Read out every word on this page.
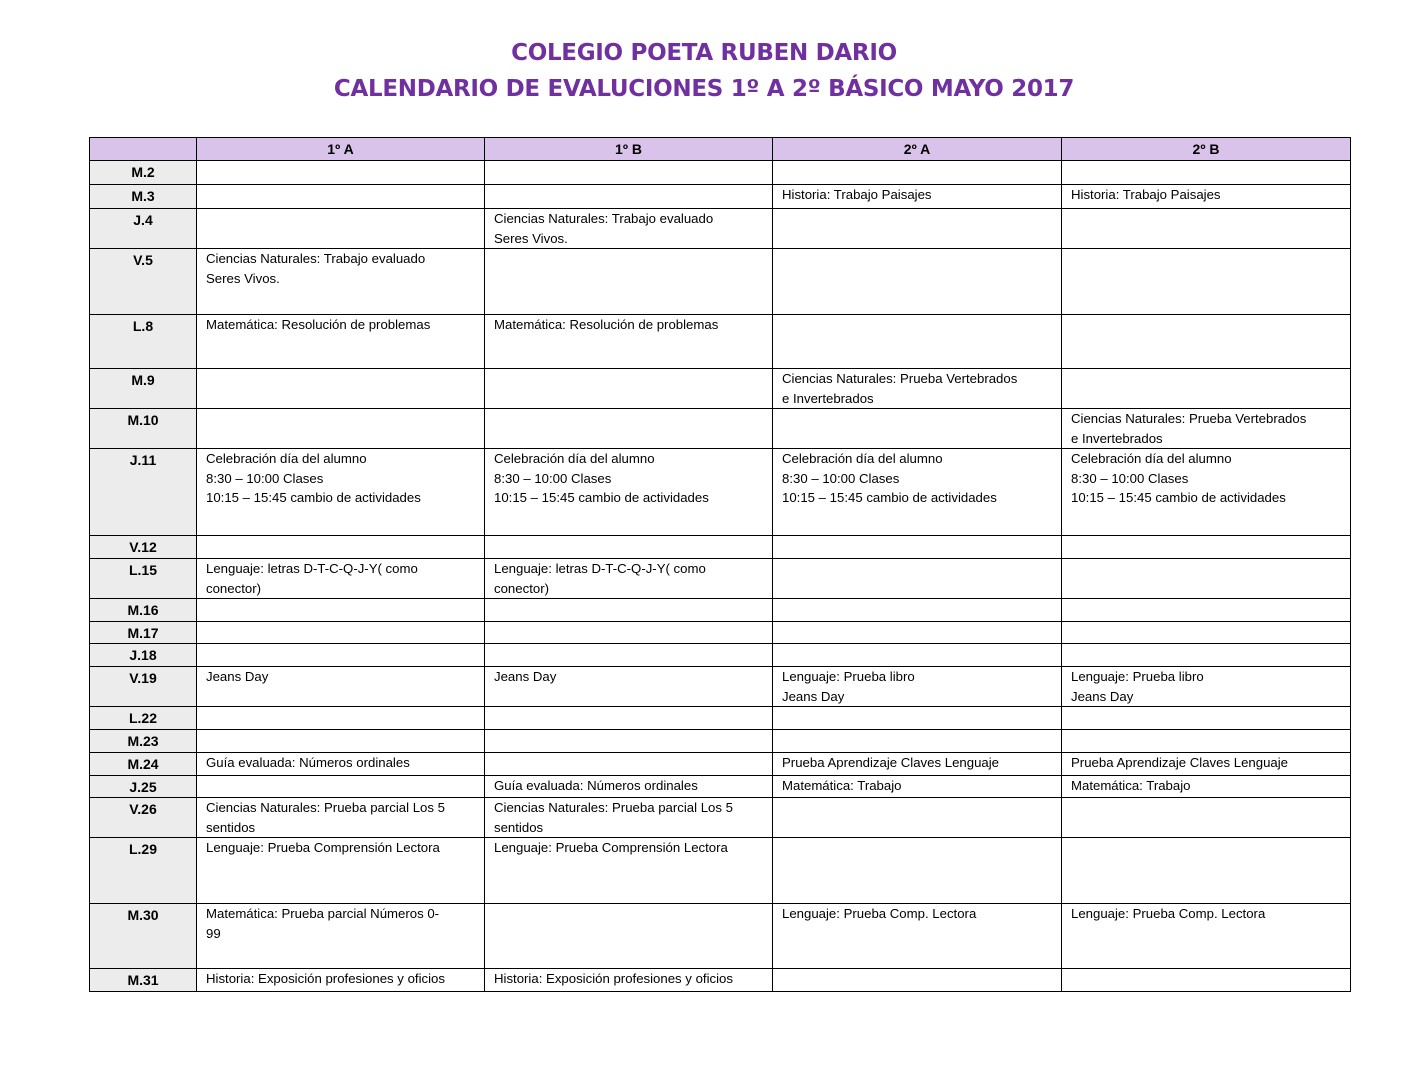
COLEGIO POETA RUBEN DARIO
CALENDARIO DE EVALUCIONES 1º A 2º BÁSICO MAYO 2017
	1º A	1º B	2º A	2º B
M.2				
M.3			Historia: Trabajo Paisajes	Historia: Trabajo Paisajes
J.4		Ciencias Naturales: Trabajo evaluado
Seres Vivos.		
V.5	Ciencias Naturales: Trabajo evaluado
Seres Vivos.			
L.8	Matemática: Resolución de problemas	Matemática: Resolución de problemas		
M.9			Ciencias Naturales: Prueba Vertebrados
e Invertebrados	
M.10				Ciencias Naturales: Prueba Vertebrados
e Invertebrados
J.11	Celebración día del alumno
8:30 – 10:00 Clases
10:15 – 15:45 cambio de actividades	Celebración día del alumno
8:30 – 10:00 Clases
10:15 – 15:45 cambio de actividades	Celebración día del alumno
8:30 – 10:00 Clases
10:15 – 15:45 cambio de actividades	Celebración día del alumno
8:30 – 10:00 Clases
10:15 – 15:45 cambio de actividades
V.12				
L.15	Lenguaje: letras D-T-C-Q-J-Y( como
conector)	Lenguaje: letras D-T-C-Q-J-Y( como
conector)		
M.16				
M.17				
J.18				
V.19	Jeans Day	Jeans Day	Lenguaje: Prueba libro
Jeans Day	Lenguaje: Prueba libro
Jeans Day
L.22				
M.23				
M.24	Guía evaluada: Números ordinales		Prueba Aprendizaje Claves Lenguaje	Prueba Aprendizaje Claves Lenguaje
J.25		Guía evaluada: Números ordinales	Matemática: Trabajo	Matemática: Trabajo
V.26	Ciencias Naturales: Prueba parcial Los 5
sentidos	Ciencias Naturales: Prueba parcial Los 5
sentidos		
L.29	Lenguaje: Prueba Comprensión Lectora	Lenguaje: Prueba Comprensión Lectora		
M.30	Matemática: Prueba parcial Números 0-
99		Lenguaje: Prueba Comp. Lectora	Lenguaje: Prueba Comp. Lectora
M.31	Historia: Exposición profesiones y oficios	Historia: Exposición profesiones y oficios		
